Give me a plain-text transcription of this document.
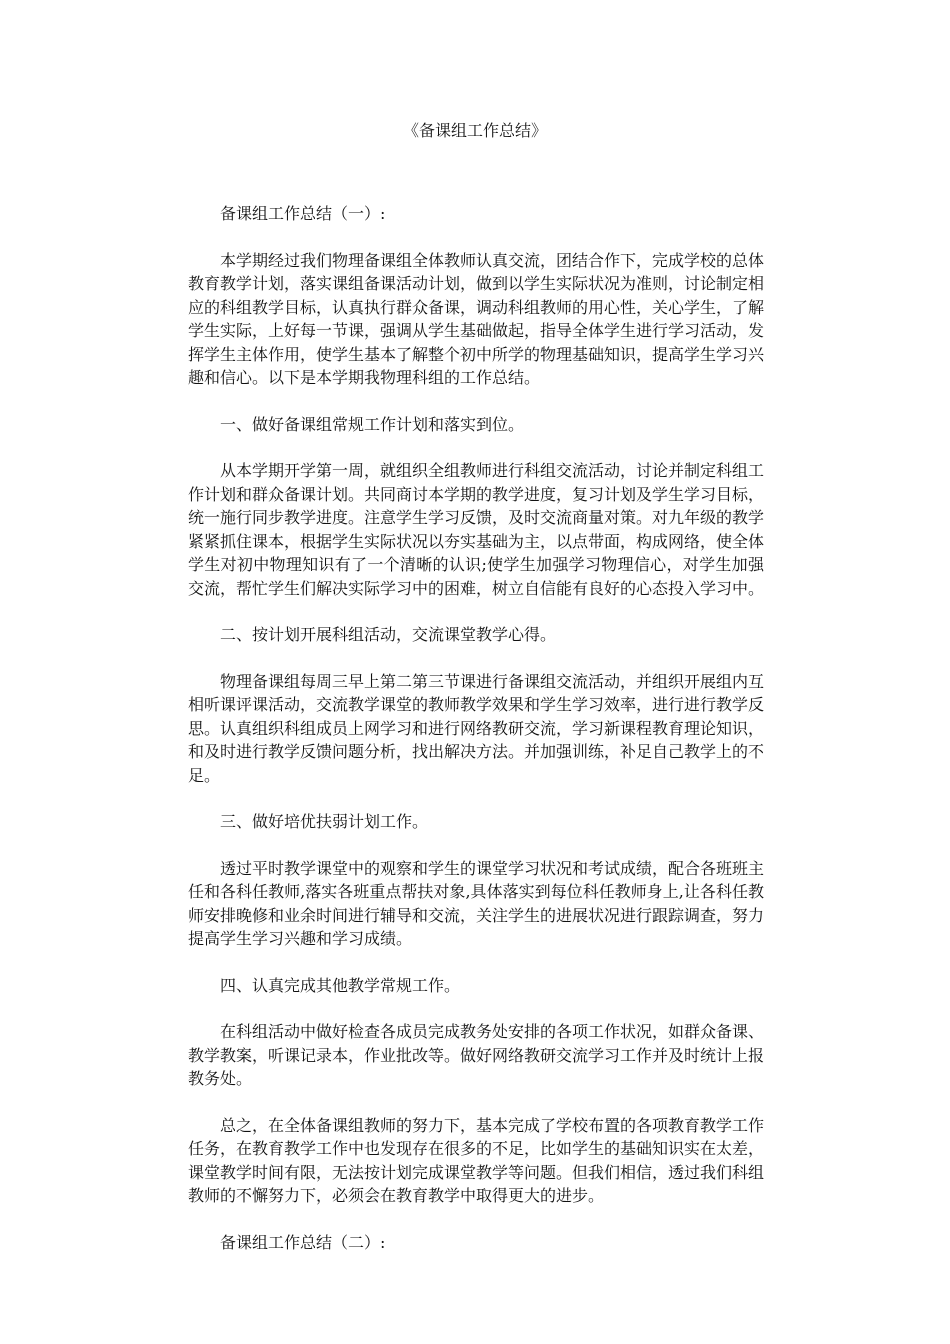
《备课组工作总结》

备课组工作总结（一）:

本学期经过我们物理备课组全体教师认真交流，团结合作下，完成学校的总体教育教学计划，落实课组备课活动计划，做到以学生实际状况为准则，讨论制定相应的科组教学目标，认真执行群众备课，调动科组教师的用心性，关心学生，了解学生实际，上好每一节课，强调从学生基础做起，指导全体学生进行学习活动，发挥学生主体作用，使学生基本了解整个初中所学的物理基础知识，提高学生学习兴趣和信心。以下是本学期我物理科组的工作总结。

一、做好备课组常规工作计划和落实到位。

从本学期开学第一周，就组织全组教师进行科组交流活动，讨论并制定科组工作计划和群众备课计划。共同商讨本学期的教学进度，复习计划及学生学习目标，统一施行同步教学进度。注意学生学习反馈，及时交流商量对策。对九年级的教学紧紧抓住课本，根据学生实际状况以夯实基础为主，以点带面，构成网络，使全体学生对初中物理知识有了一个清晰的认识;使学生加强学习物理信心，对学生加强交流，帮忙学生们解决实际学习中的困难，树立自信能有良好的心态投入学习中。

二、按计划开展科组活动，交流课堂教学心得。

物理备课组每周三早上第二第三节课进行备课组交流活动，并组织开展组内互相听课评课活动，交流教学课堂的教师教学效果和学生学习效率，进行进行教学反思。认真组织科组成员上网学习和进行网络教研交流，学习新课程教育理论知识，和及时进行教学反馈问题分析，找出解决方法。并加强训练，补足自己教学上的不足。

三、做好培优扶弱计划工作。

透过平时教学课堂中的观察和学生的课堂学习状况和考试成绩，配合各班班主任和各科任教师,落实各班重点帮扶对象,具体落实到每位科任教师身上,让各科任教师安排晚修和业余时间进行辅导和交流，关注学生的进展状况进行跟踪调查，努力提高学生学习兴趣和学习成绩。

四、认真完成其他教学常规工作。

在科组活动中做好检查各成员完成教务处安排的各项工作状况，如群众备课、教学教案，听课记录本，作业批改等。做好网络教研交流学习工作并及时统计上报教务处。

总之，在全体备课组教师的努力下，基本完成了学校布置的各项教育教学工作任务，在教育教学工作中也发现存在很多的不足，比如学生的基础知识实在太差，课堂教学时间有限，无法按计划完成课堂教学等问题。但我们相信，透过我们科组教师的不懈努力下，必须会在教育教学中取得更大的进步。

备课组工作总结（二）:
